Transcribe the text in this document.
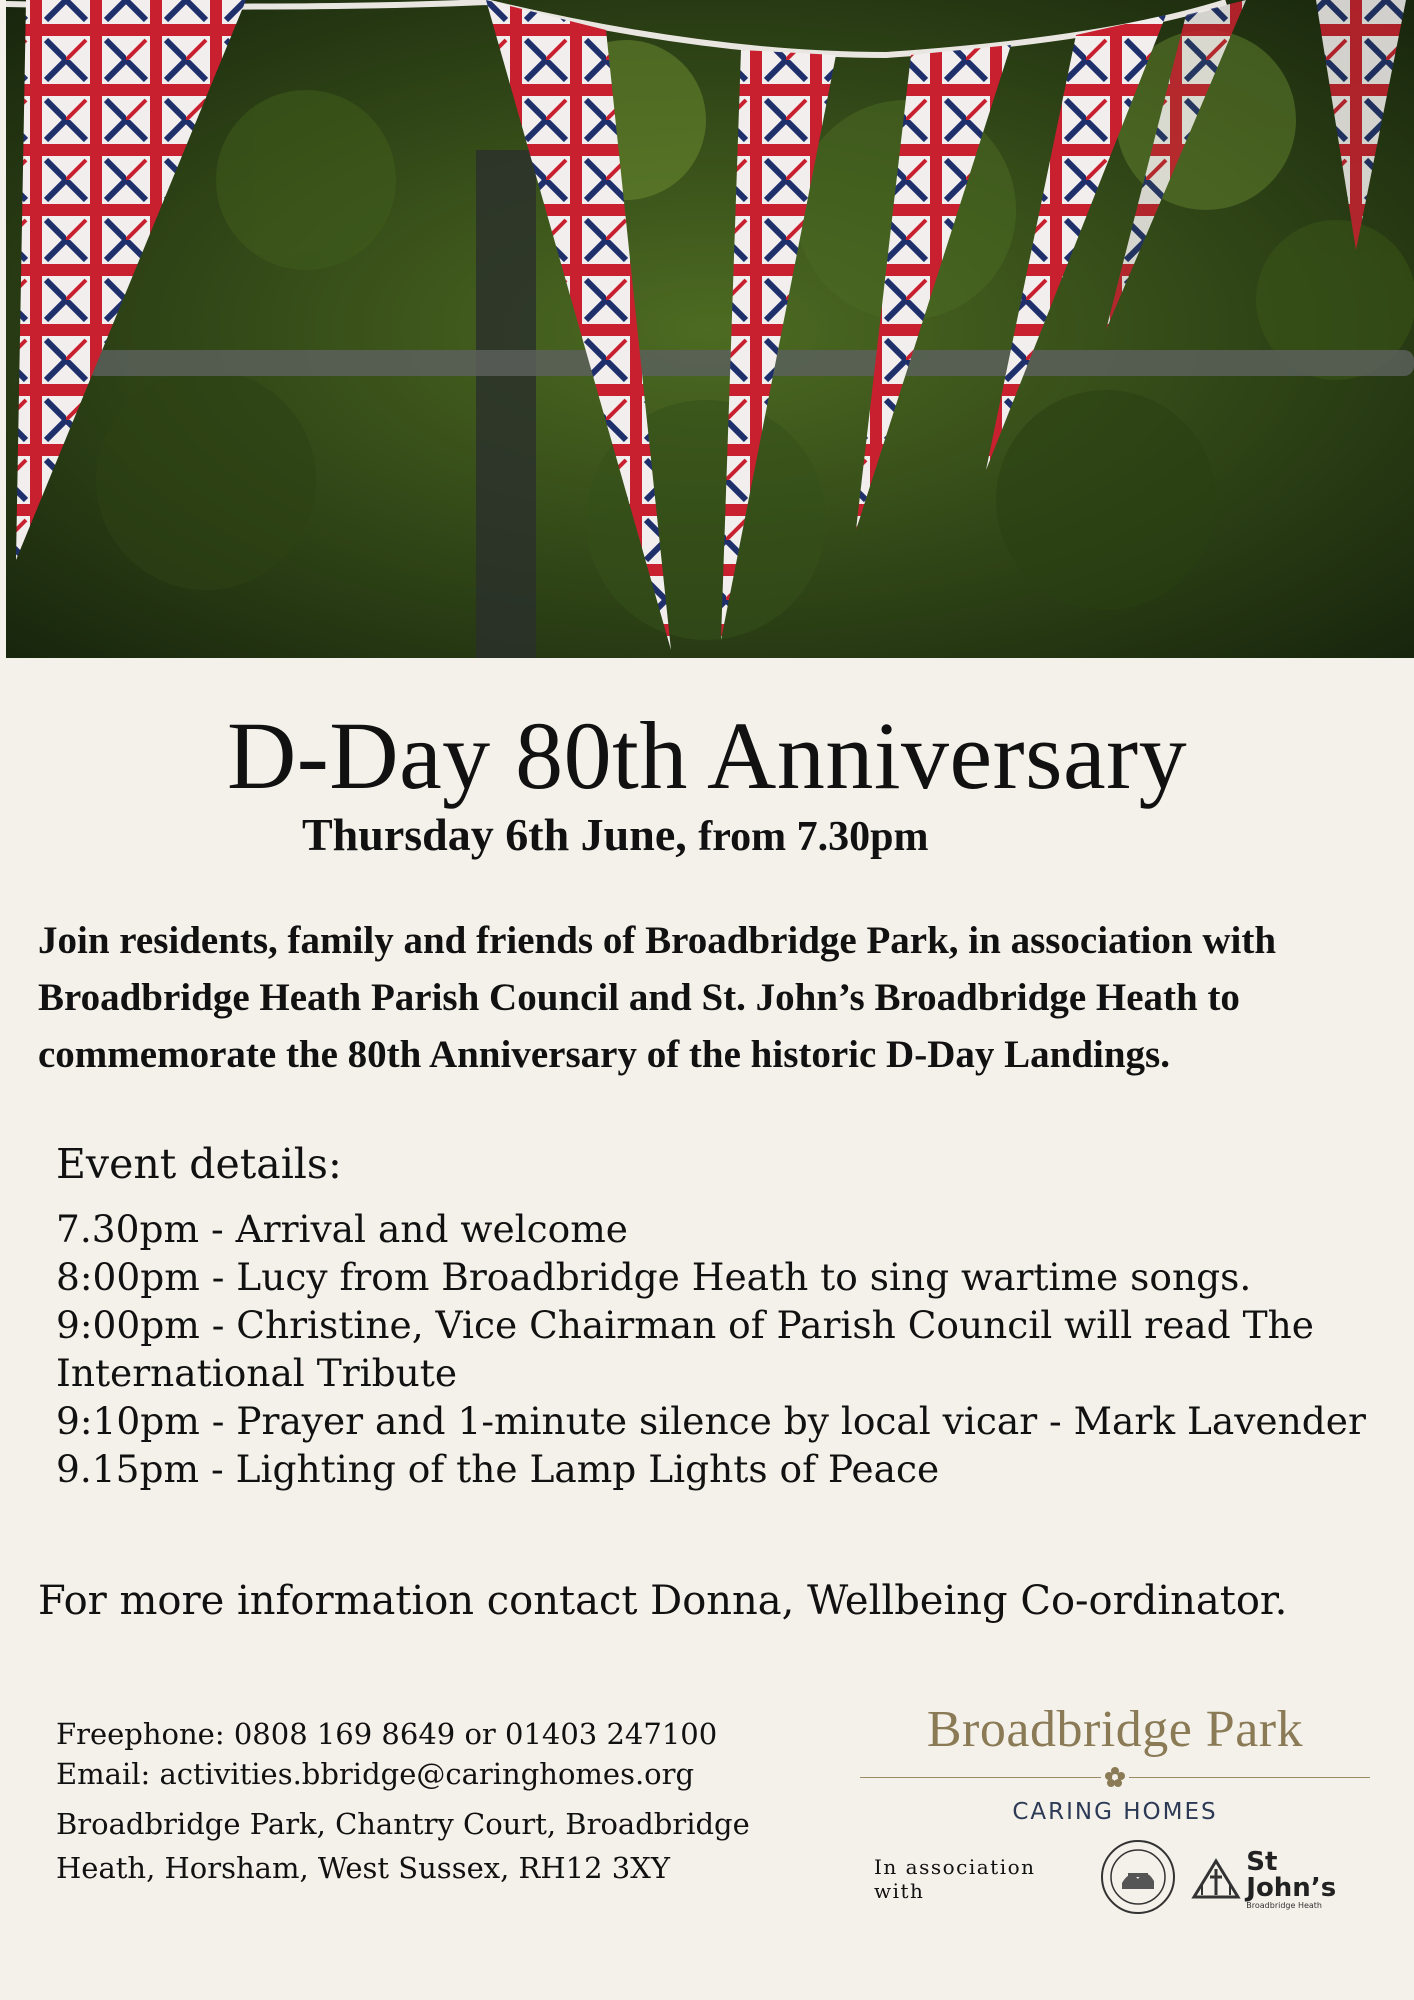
D-Day 80th Anniversary
Thursday 6th June, from 7.30pm

Join residents, family and friends of Broadbridge Park, in association with Broadbridge Heath Parish Council and St. John’s Broadbridge Heath to commemorate the 80th Anniversary of the historic D-Day Landings.

Event details:
7.30pm - Arrival and welcome
8:00pm - Lucy from Broadbridge Heath to sing wartime songs.
9:00pm - Christine, Vice Chairman of Parish Council will read The International Tribute
9:10pm - Prayer and 1-minute silence by local vicar - Mark Lavender
9.15pm - Lighting of the Lamp Lights of Peace
For more information contact Donna, Wellbeing Co-ordinator.
Freephone: 0808 169 8649 or 01403 247100
Email: activities.bbridge@caringhomes.org
Broadbridge Park, Chantry Court, Broadbridge Heath, Horsham, West Sussex, RH12 3XY
Broadbridge Park
CARING HOMES
In association with
St John’s
Broadbridge Heath
